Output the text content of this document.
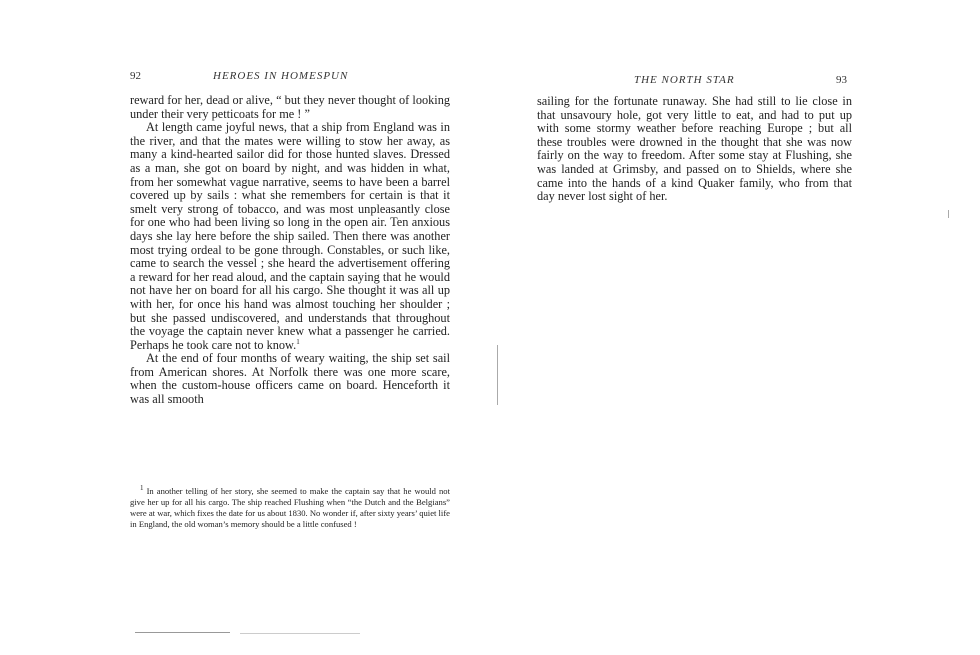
92	HEROES IN HOMESPUN

reward for her, dead or alive, “ but they never thought of looking under their very petticoats for me ! ”

At length came joyful news, that a ship from England was in the river, and that the mates were willing to stow her away, as many a kind-hearted sailor did for those hunted slaves. Dressed as a man, she got on board by night, and was hidden in what, from her somewhat vague narrative, seems to have been a barrel covered up by sails : what she remembers for certain is that it smelt very strong of tobacco, and was most unpleasantly close for one who had been living so long in the open air. Ten anxious days she lay here before the ship sailed. Then there was another most trying ordeal to be gone through. Constables, or such like, came to search the vessel ; she heard the advertisement offering a reward for her read aloud, and the captain saying that he would not have her on board for all his cargo. She thought it was all up with her, for once his hand was almost touching her shoulder ; but she passed undiscovered, and understands that throughout the voyage the captain never knew what a passenger he carried. Perhaps he took care not to know.$^1$

At the end of four months of weary waiting, the ship set sail from American shores. At Norfolk there was one more scare, when the custom-house officers came on board. Henceforth it was all smooth

$^1$ In another telling of her story, she seemed to make the captain say that he would not give her up for all his cargo. The ship reached Flushing when “the Dutch and the Belgians” were at war, which fixes the date for us about 1830. No wonder if, after sixty years’ quiet life in England, the old woman’s memory should be a little confused !

THE NORTH STAR	93

sailing for the fortunate runaway. She had still to lie close in that unsavoury hole, got very little to eat, and had to put up with some stormy weather before reaching Europe ; but all these troubles were drowned in the thought that she was now fairly on the way to freedom. After some stay at Flushing, she was landed at Grimsby, and passed on to Shields, where she came into the hands of a kind Quaker family, who from that day never lost sight of her.
